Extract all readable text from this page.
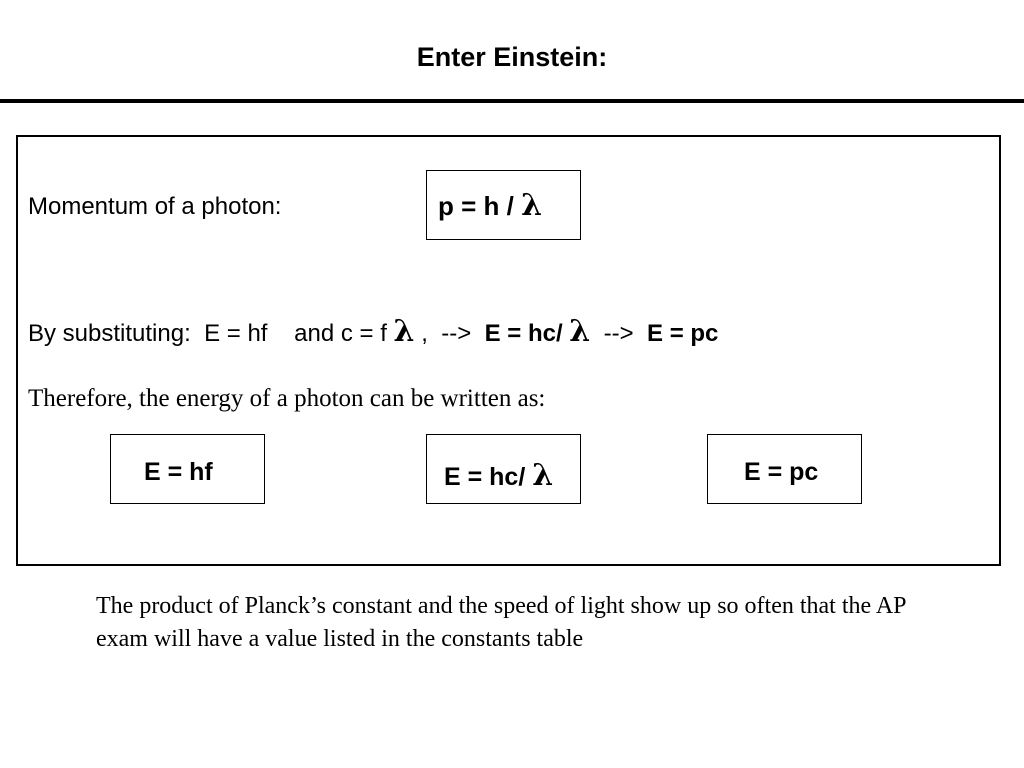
Enter Einstein:
Momentum of a photon:	p = h / λ
By substituting:  E = hf    and c = f λ ,  -->  E = hc/ λ  -->  E = pc
Therefore, the energy of a photon can be written as:
E = hf	E = hc/ λ	E = pc
The product of Planck’s constant and the speed of light show up so often that the AP exam will have a value listed in the constants table
